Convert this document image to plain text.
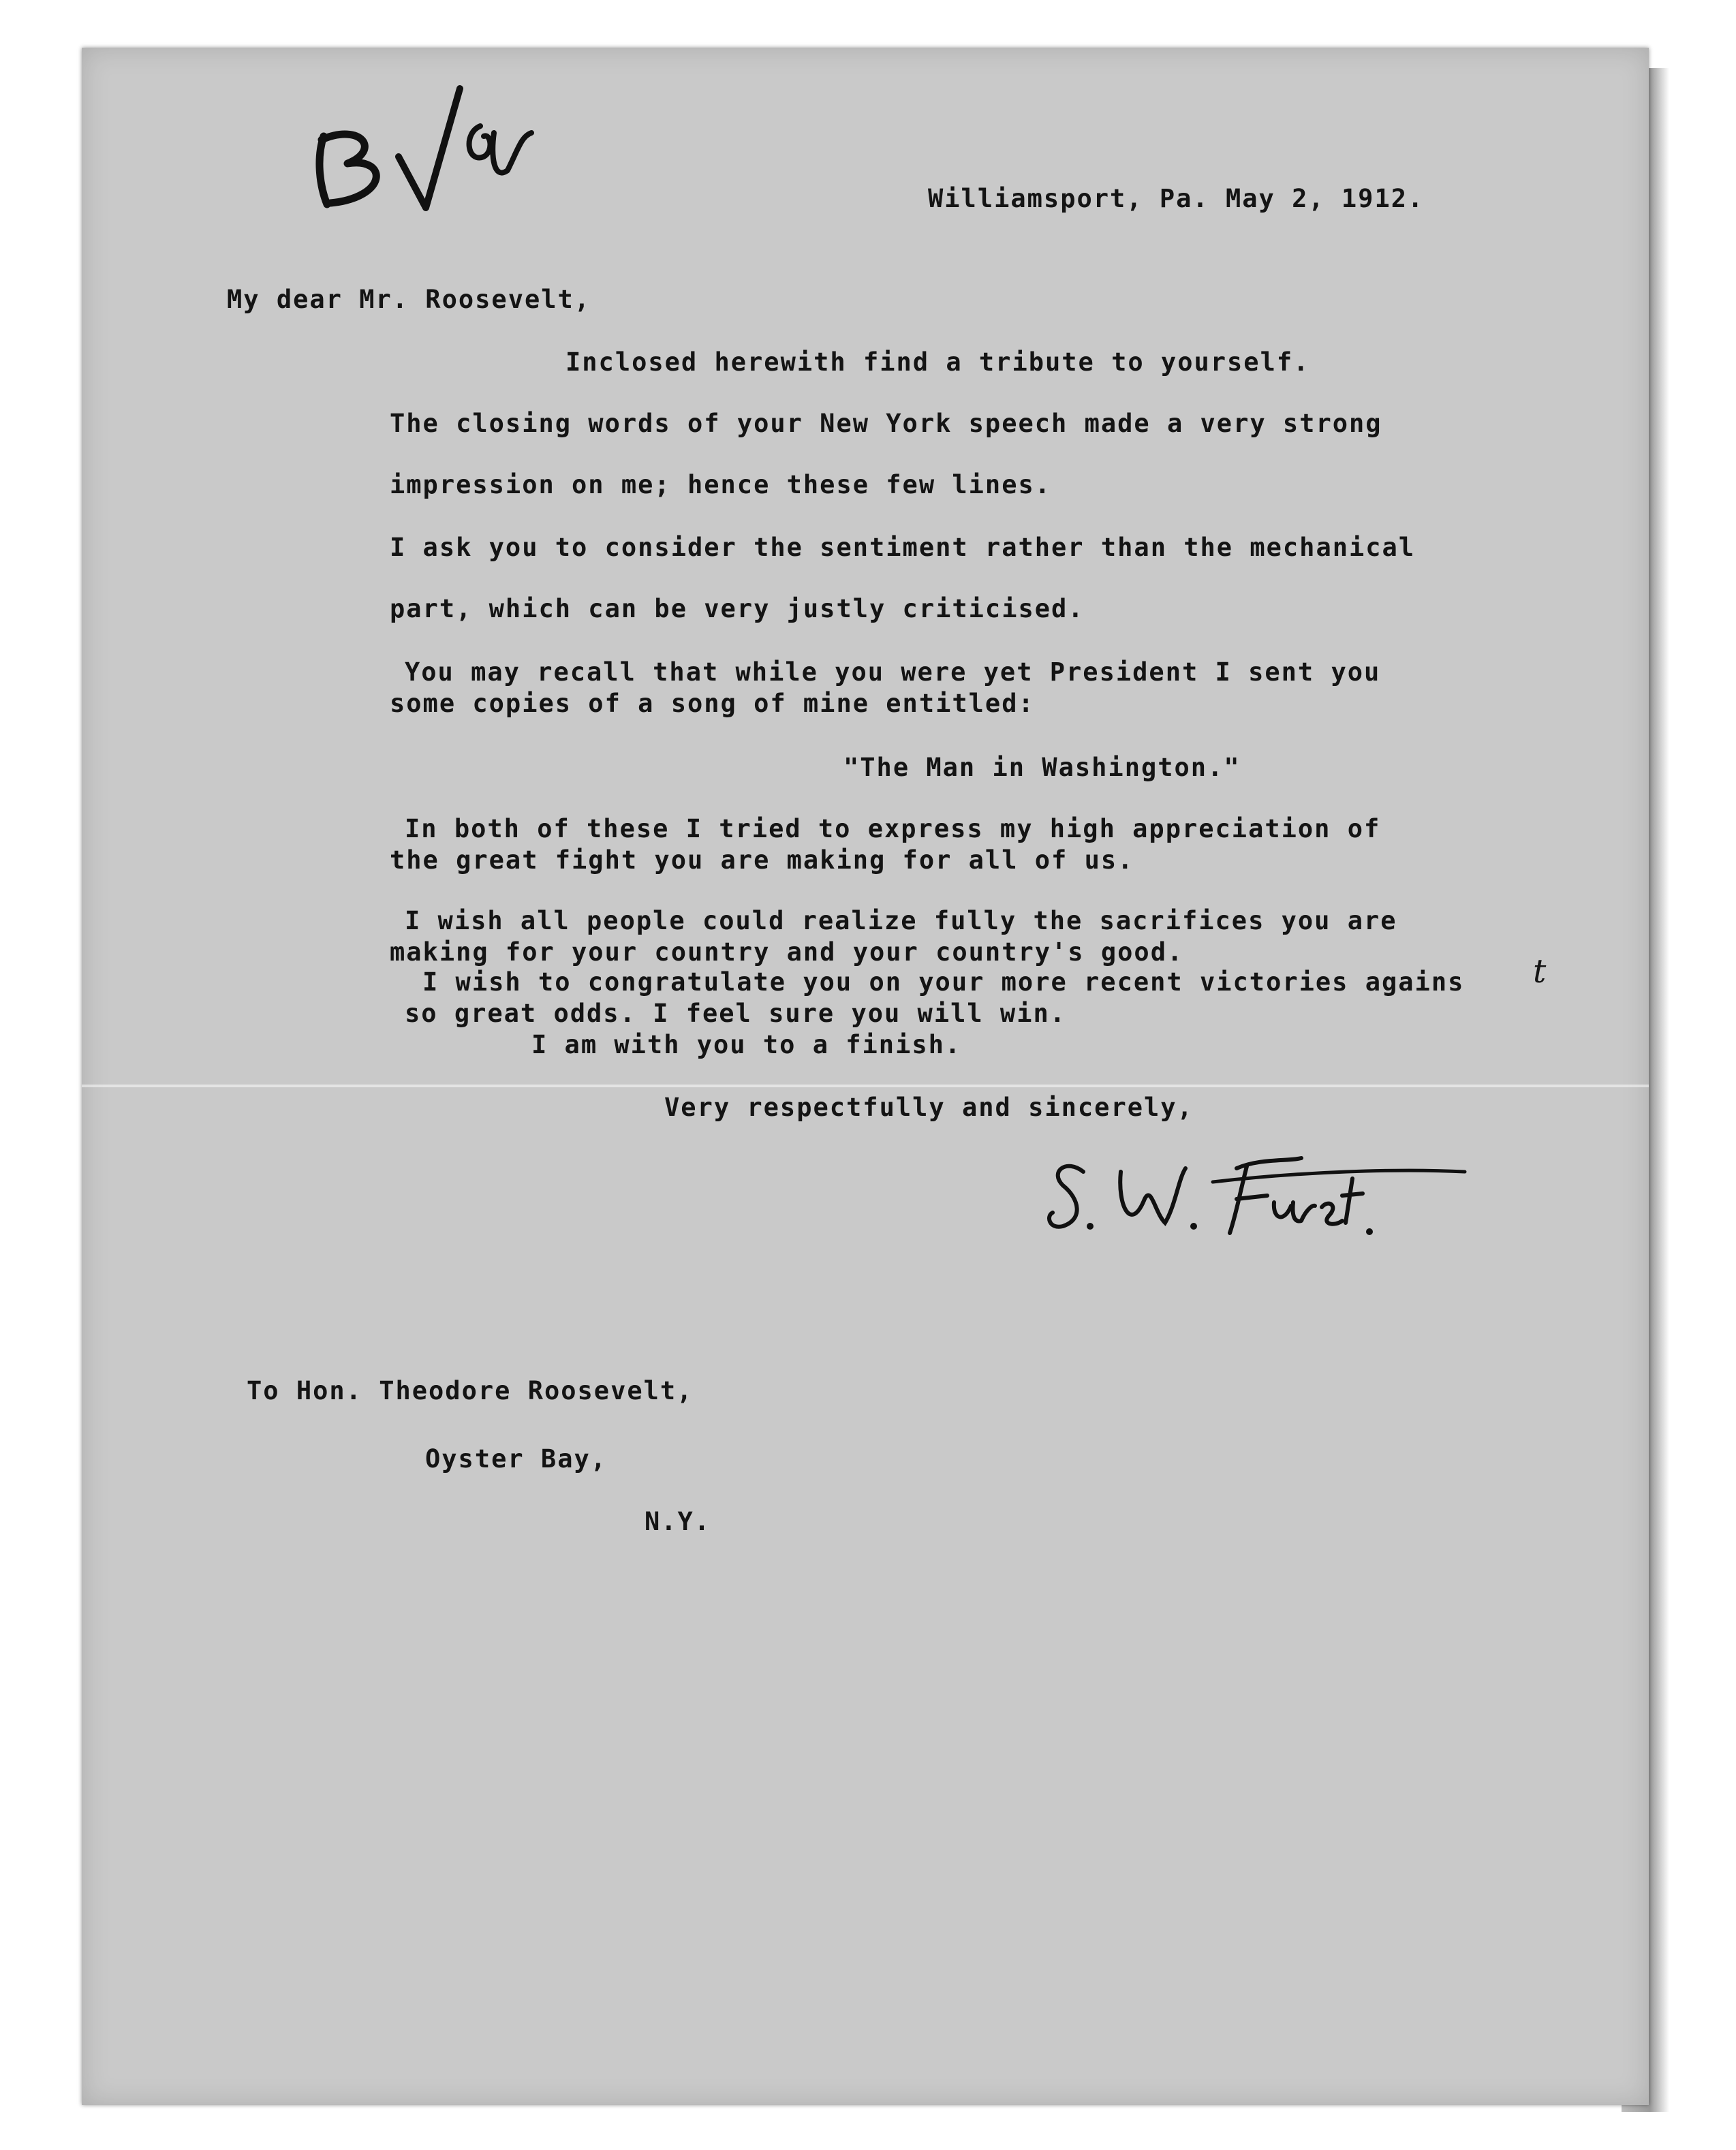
Williamsport, Pa. May 2, 1912.
My dear Mr. Roosevelt,
Inclosed herewith find a tribute to yourself.
The closing words of your New York speech made a very strong
impression on me; hence these few lines.
I ask you to consider the sentiment rather than the mechanical
part, which can be very justly criticised.
You may recall that while you were yet President I sent you
some copies of a song of mine entitled:
"The Man in Washington."
In both of these I tried to express my high appreciation of
the great fight you are making for all of us.
I wish all people could realize fully the sacrifices you are
making for your country and your country's good.
I wish to congratulate you on your more recent victories agains t
so great odds. I feel sure you will win.
I am with you to a finish.
Very respectfully and sincerely,
To Hon. Theodore Roosevelt,
Oyster Bay,
N.Y.
